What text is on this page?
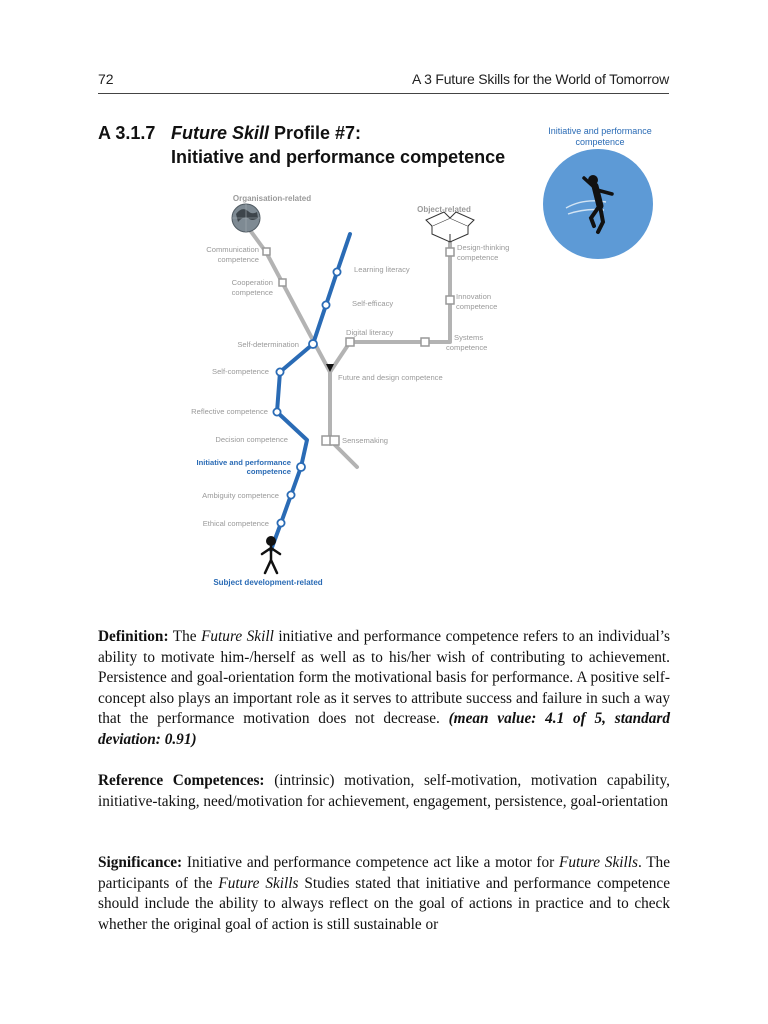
72	A 3 Future Skills for the World of Tomorrow
A 3.1.7 Future Skill Profile #7:
Initiative and performance competence
Initiative and performance
competence
Organisation-related
Object-related
Subject development-related
Communication
competence
Cooperation
competence
Self-determination
Self-competence
Reflective competence
Decision competence
Initiative and performance
competence
Ambiguity competence
Ethical competence
Learning literacy
Self-efficacy
Digital literacy
Future and design competence
Sensemaking
Design-thinking
competence
Innovation
competence
Systems
competence

Definition: The Future Skill initiative and performance competence refers to an individual’s ability to motivate him-/herself as well as to his/her wish of contributing to achievement. Persistence and goal-orientation form the motivational basis for performance. A positive self-concept also plays an important role as it serves to attribute success and failure in such a way that the performance motivation does not decrease. (mean value: 4.1 of 5, standard deviation: 0.91)

Reference Competences: (intrinsic) motivation, self-motivation, motivation capability, initiative-taking, need/motivation for achievement, engagement, persistence, goal-orientation

Significance: Initiative and performance competence act like a motor for Future Skills. The participants of the Future Skills Studies stated that initiative and performance competence should include the ability to always reflect on the goal of actions in practice and to check whether the original goal of action is still sustainable or
